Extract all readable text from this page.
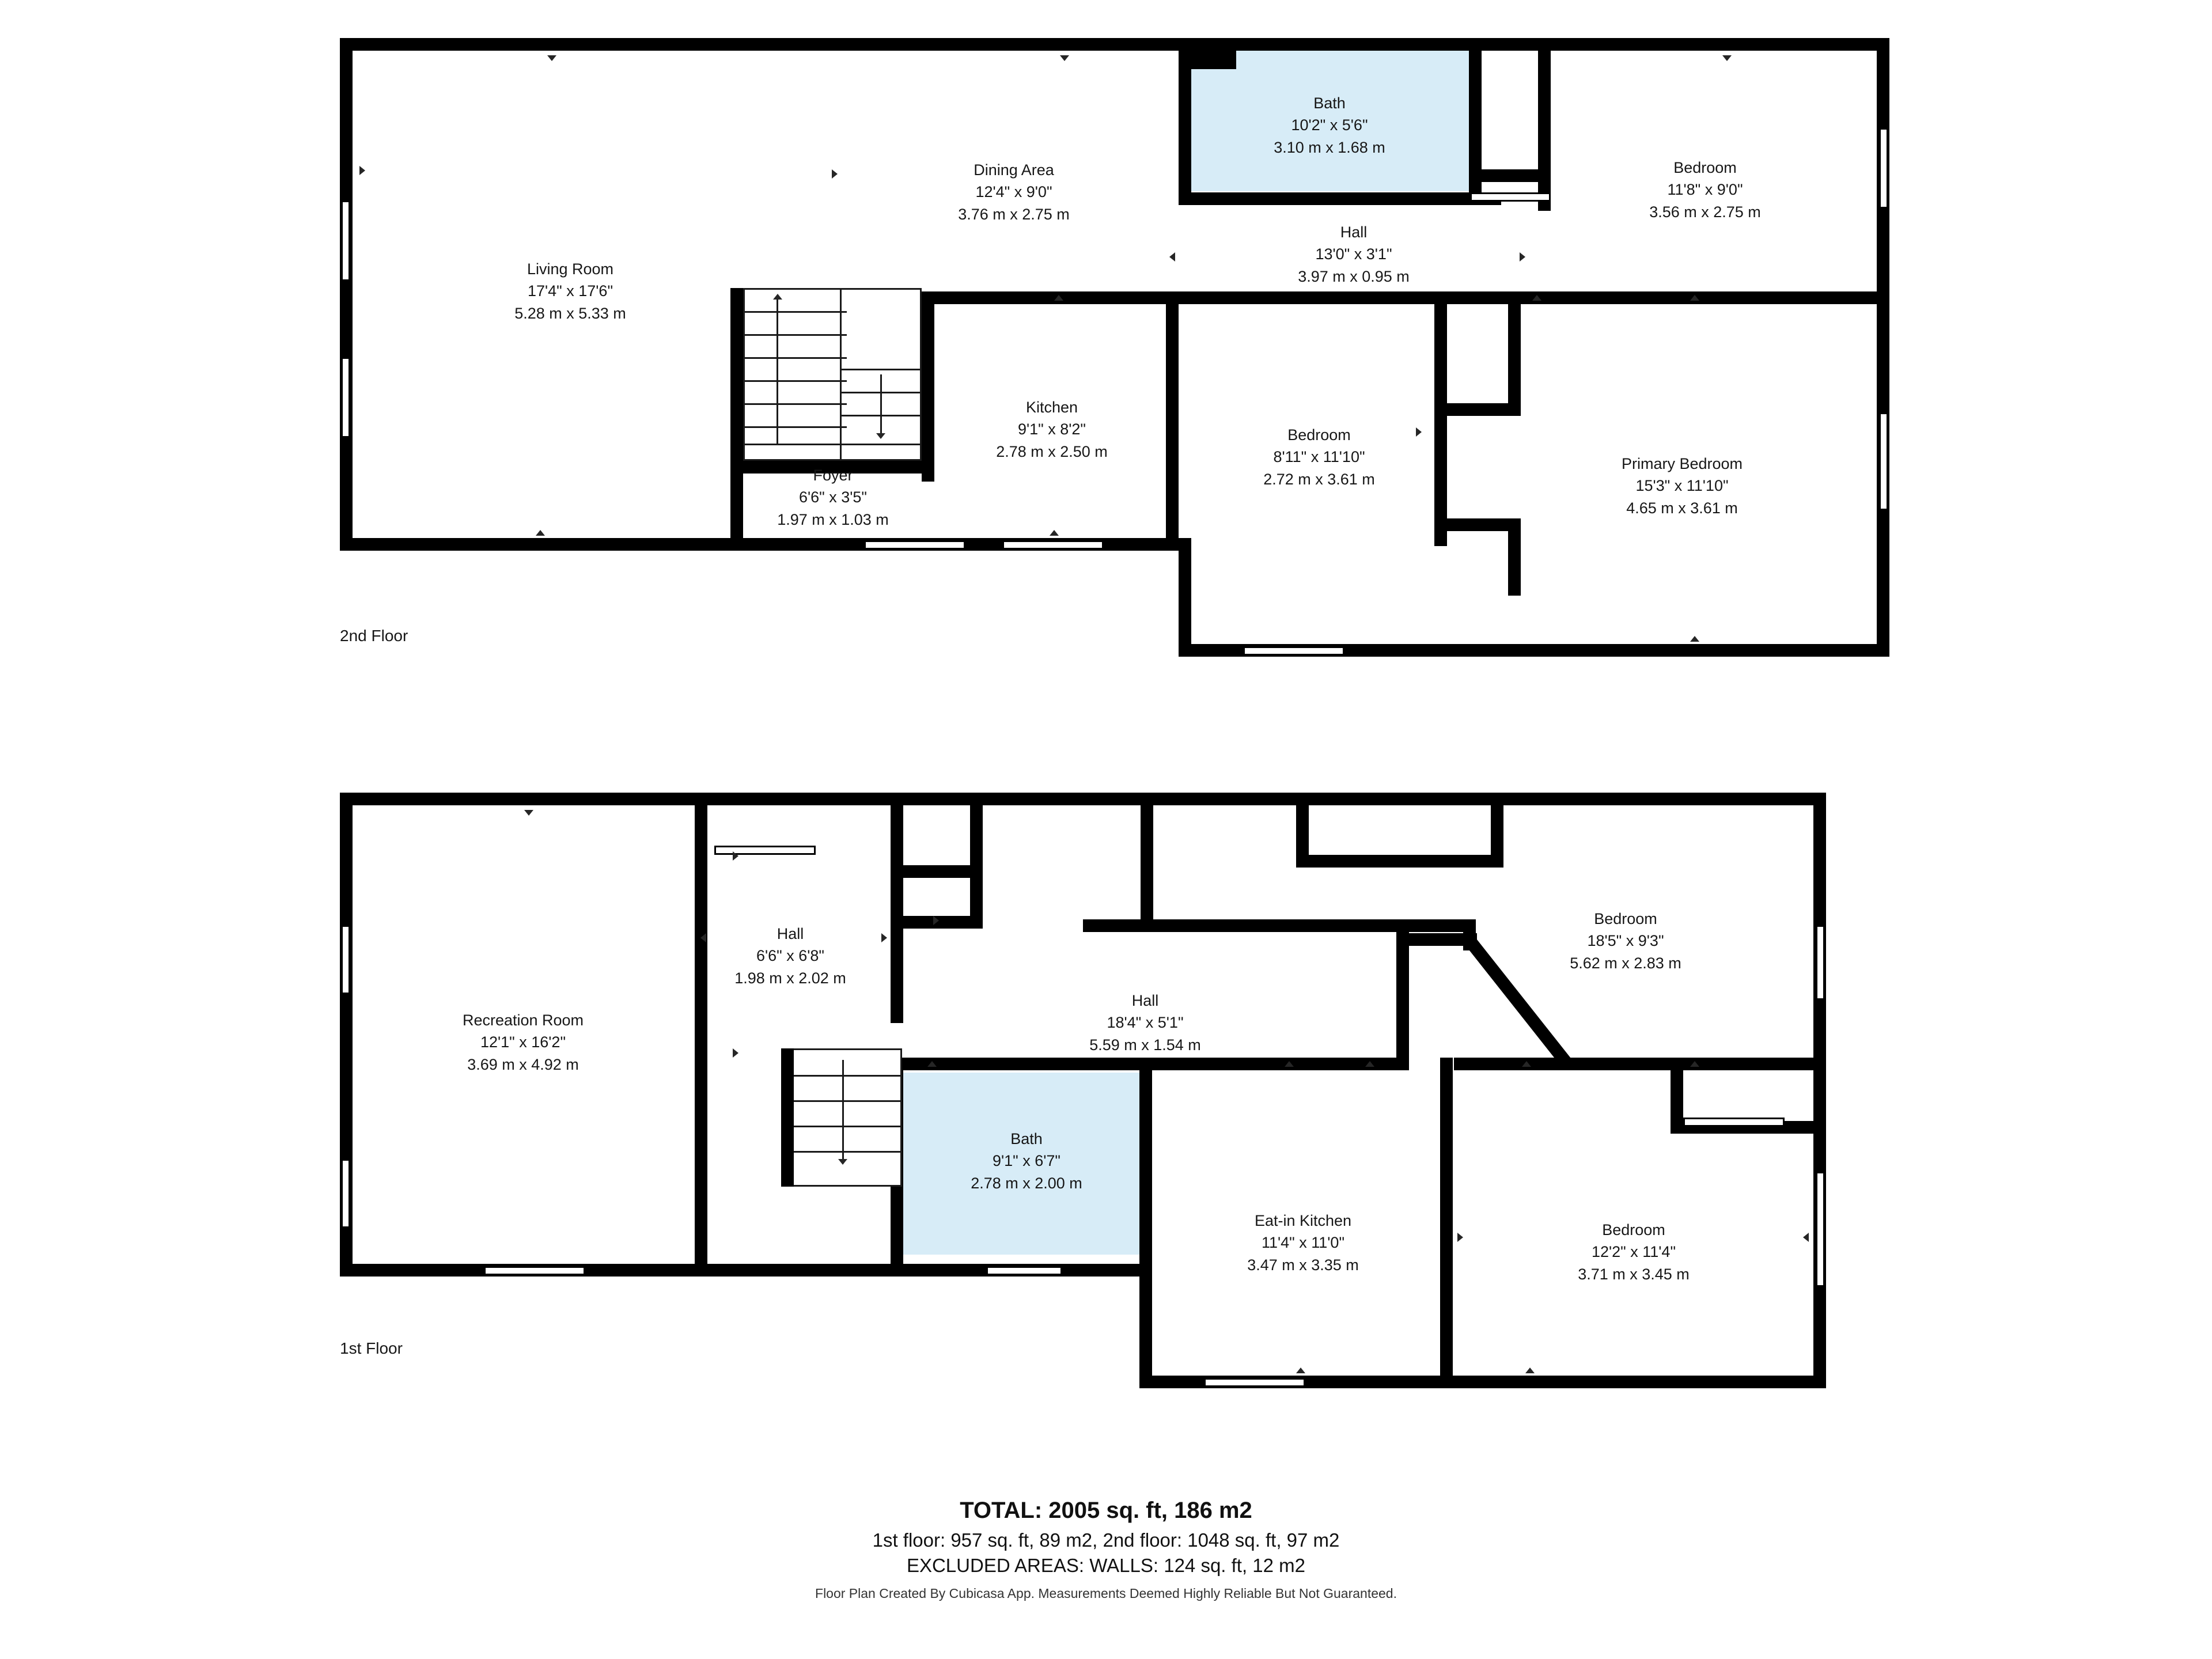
Living Room
17'4" x 17'6"
5.28 m x 5.33 m
Dining Area
12'4" x 9'0"
3.76 m x 2.75 m
Bath
10'2" x 5'6"
3.10 m x 1.68 m
Bedroom
11'8" x 9'0"
3.56 m x 2.75 m
Hall
13'0" x 3'1"
3.97 m x 0.95 m
Kitchen
9'1" x 8'2"
2.78 m x 2.50 m
Foyer
6'6" x 3'5"
1.97 m x 1.03 m
Bedroom
8'11" x 11'10"
2.72 m x 3.61 m
Primary Bedroom
15'3" x 11'10"
4.65 m x 3.61 m
2nd Floor
Recreation Room
12'1" x 16'2"
3.69 m x 4.92 m
Hall
6'6" x 6'8"
1.98 m x 2.02 m
Hall
18'4" x 5'1"
5.59 m x 1.54 m
Bedroom
18'5" x 9'3"
5.62 m x 2.83 m
Bath
9'1" x 6'7"
2.78 m x 2.00 m
Eat-in Kitchen
11'4" x 11'0"
3.47 m x 3.35 m
Bedroom
12'2" x 11'4"
3.71 m x 3.45 m
1st Floor
TOTAL: 2005 sq. ft, 186 m2
1st floor: 957 sq. ft, 89 m2, 2nd floor: 1048 sq. ft, 97 m2
EXCLUDED AREAS: WALLS: 124 sq. ft, 12 m2
Floor Plan Created By Cubicasa App. Measurements Deemed Highly Reliable But Not Guaranteed.
